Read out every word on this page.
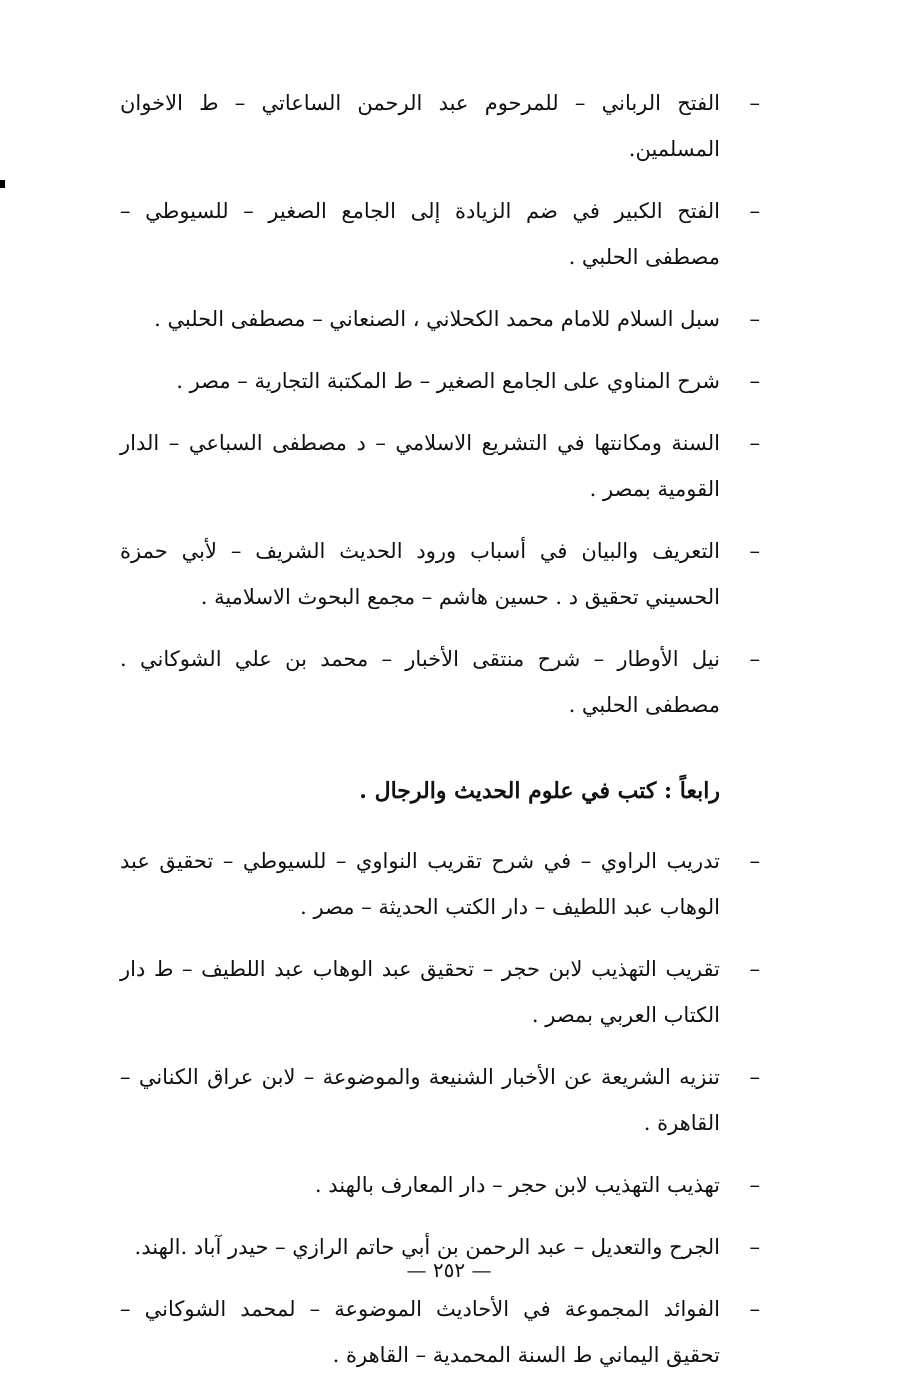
–
الفتح الرباني – للمرحوم عبد الرحمن الساعاتي – ط الاخوان المسلمين.

–
الفتح الكبير في ضم الزيادة إلى الجامع الصغير – للسيوطي – مصطفى الحلبي .

–
سبل السلام للامام محمد الكحلاني ، الصنعاني – مصطفى الحلبي .

–
شرح المناوي على الجامع الصغير – ط المكتبة التجارية – مصر .

–
السنة ومكانتها في التشريع الاسلامي – د مصطفى السباعي – الدار القومية بمصر .

–
التعريف والبيان في أسباب ورود الحديث الشريف – لأبي حمزة الحسيني تحقيق د . حسين هاشم – مجمع البحوث الاسلامية .

–
نيل الأوطار – شرح منتقى الأخبار – محمد بن علي الشوكاني . مصطفى الحلبي .

رابعاً : كتب في علوم الحديث والرجال .

–
تدريب الراوي – في شرح تقريب النواوي – للسيوطي – تحقيق عبد الوهاب عبد اللطيف – دار الكتب الحديثة – مصر .

–
تقريب التهذيب لابن حجر – تحقيق عبد الوهاب عبد اللطيف – ط دار الكتاب العربي بمصر .

–
تنزيه الشريعة عن الأخبار الشنيعة والموضوعة – لابن عراق الكناني – القاهرة .

–
تهذيب التهذيب لابن حجر – دار المعارف بالهند .

–
الجرح والتعديل – عبد الرحمن بن أبي حاتم الرازي – حيدر آباد .الهند.

–
الفوائد المجموعة في الأحاديث الموضوعة – لمحمد الشوكاني – تحقيق اليماني ط السنة المحمدية – القاهرة .

— ٢٥٢ —
